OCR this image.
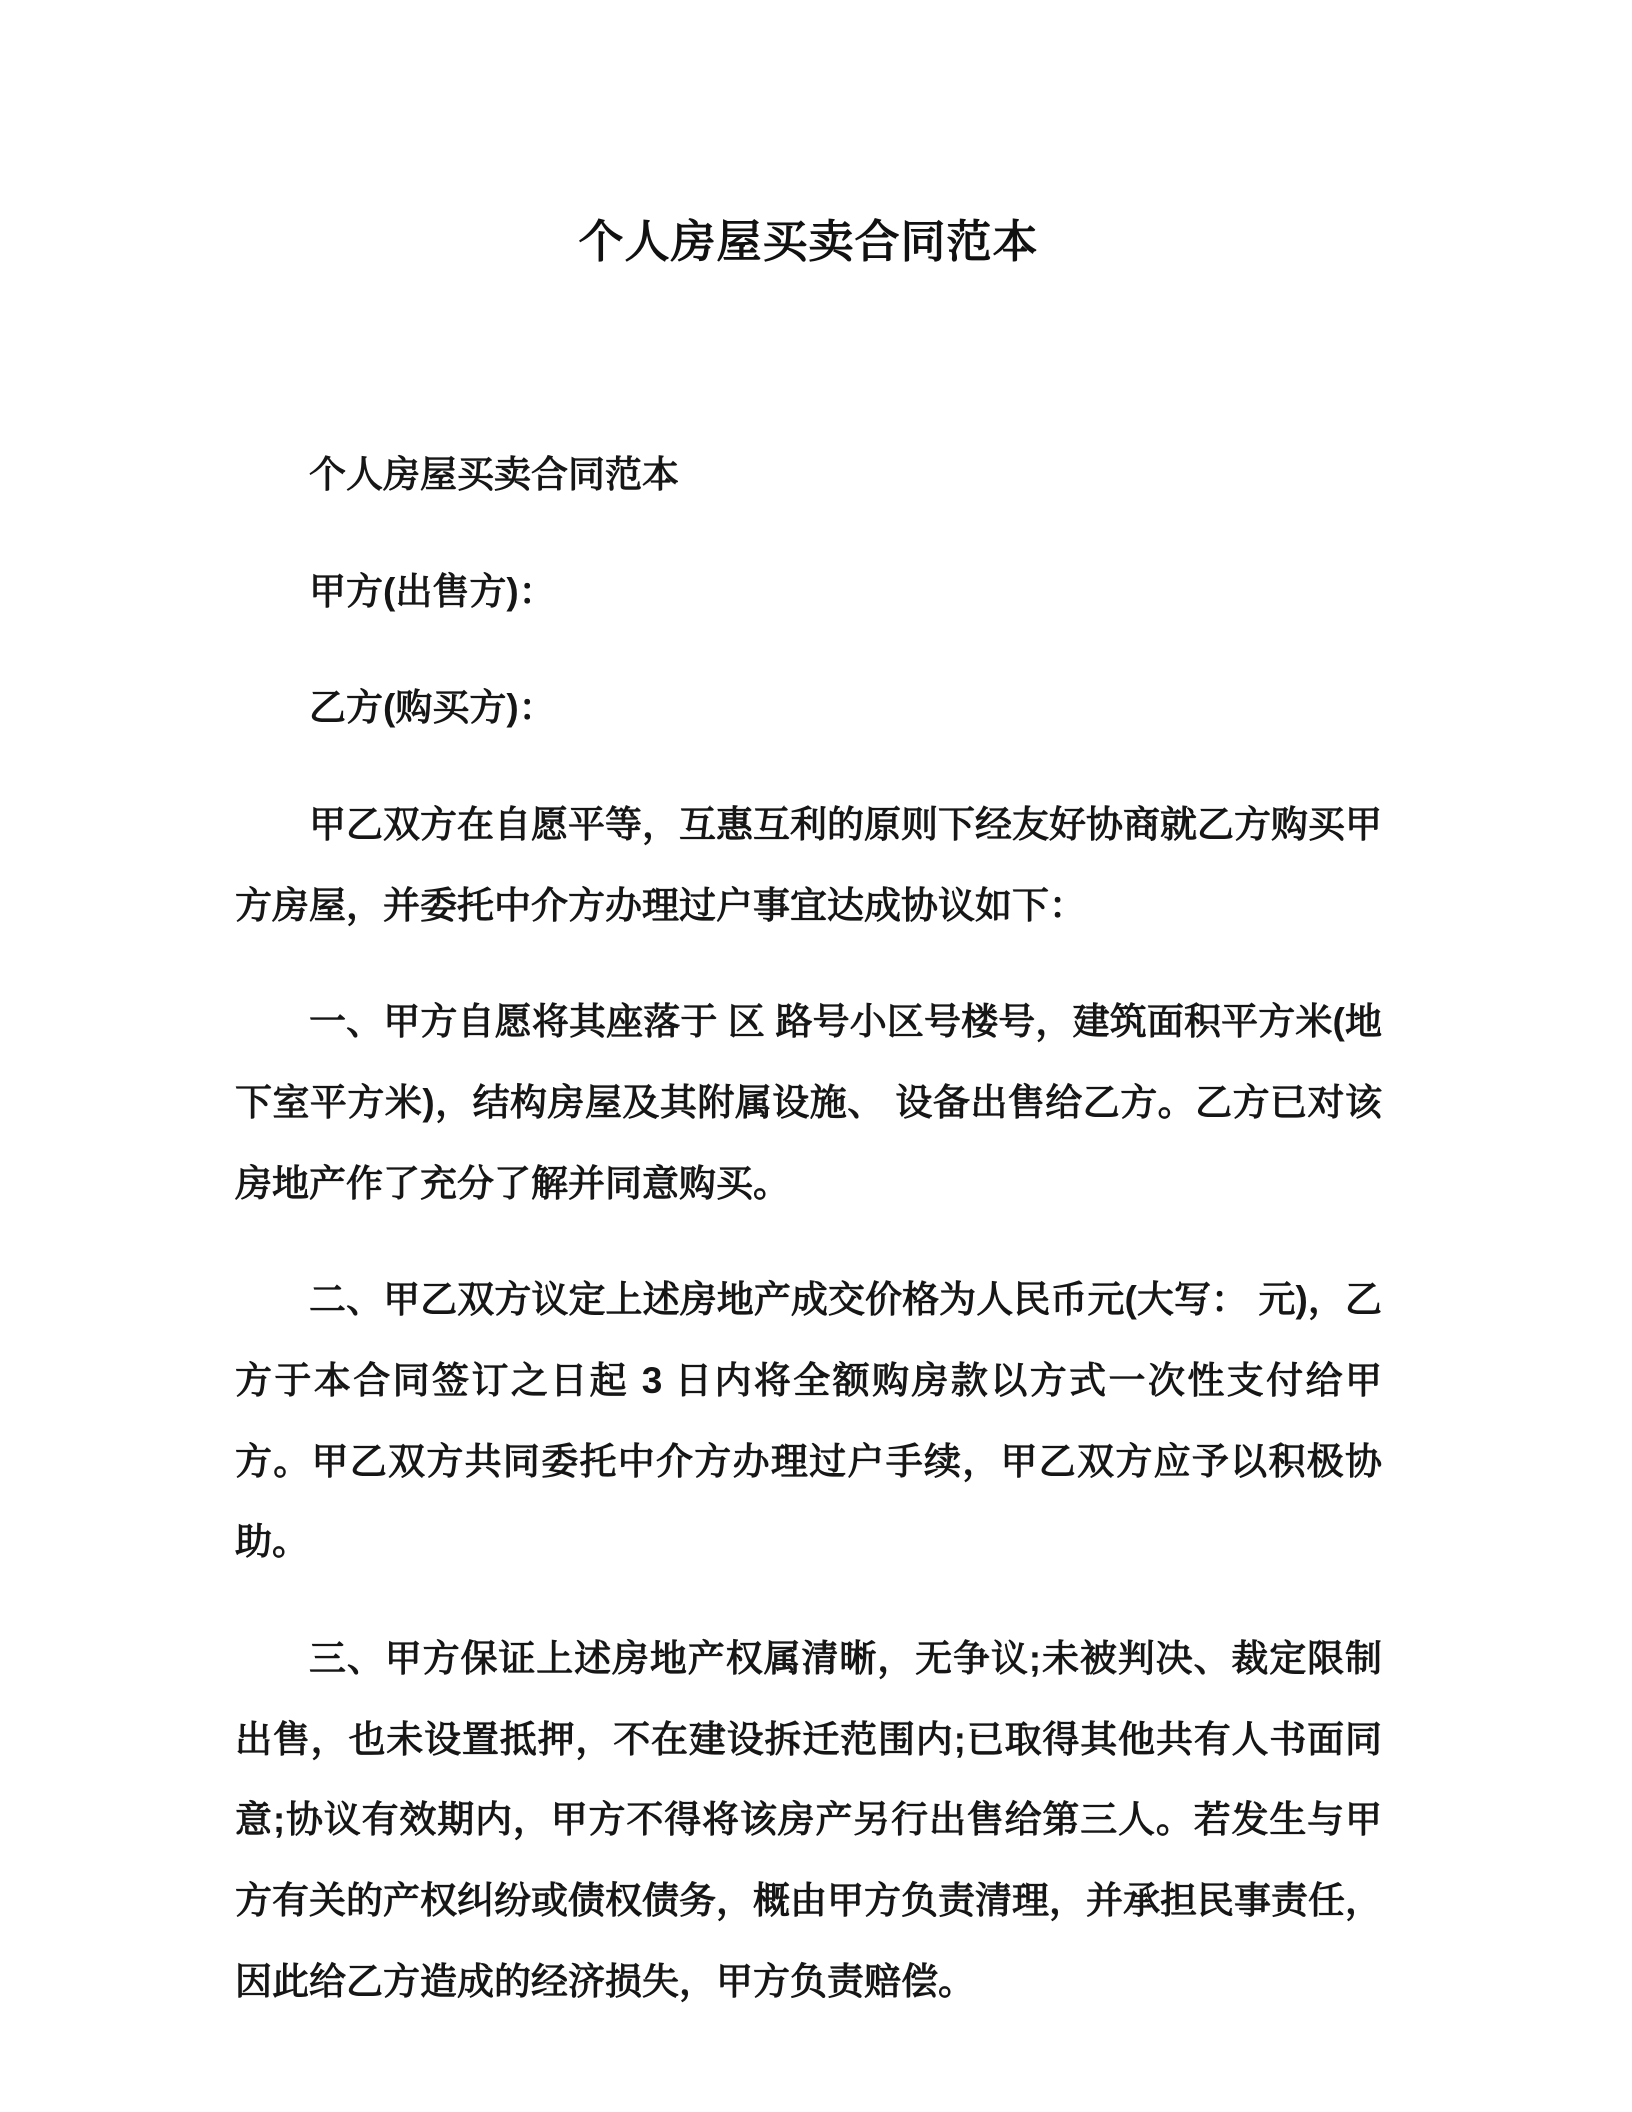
个人房屋买卖合同范本

个人房屋买卖合同范本

甲方(出售方)：

乙方(购买方)：

甲乙双方在自愿平等，互惠互利的原则下经友好协商就乙方购买甲方房屋，并委托中介方办理过户事宜达成协议如下：

一、甲方自愿将其座落于 区 路号小区号楼号，建筑面积平方米(地下室平方米)，结构房屋及其附属设施、 设备出售给乙方。乙方已对该房地产作了充分了解并同意购买。

二、甲乙双方议定上述房地产成交价格为人民币元(大写： 元)，乙方于本合同签订之日起 3 日内将全额购房款以方式一次性支付给甲方。甲乙双方共同委托中介方办理过户手续，甲乙双方应予以积极协助。

三、甲方保证上述房地产权属清晰，无争议;未被判决、裁定限制出售，也未设置抵押，不在建设拆迁范围内;已取得其他共有人书面同意;协议有效期内，甲方不得将该房产另行出售给第三人。若发生与甲方有关的产权纠纷或债权债务，概由甲方负责清理，并承担民事责任，因此给乙方造成的经济损失，甲方负责赔偿。
